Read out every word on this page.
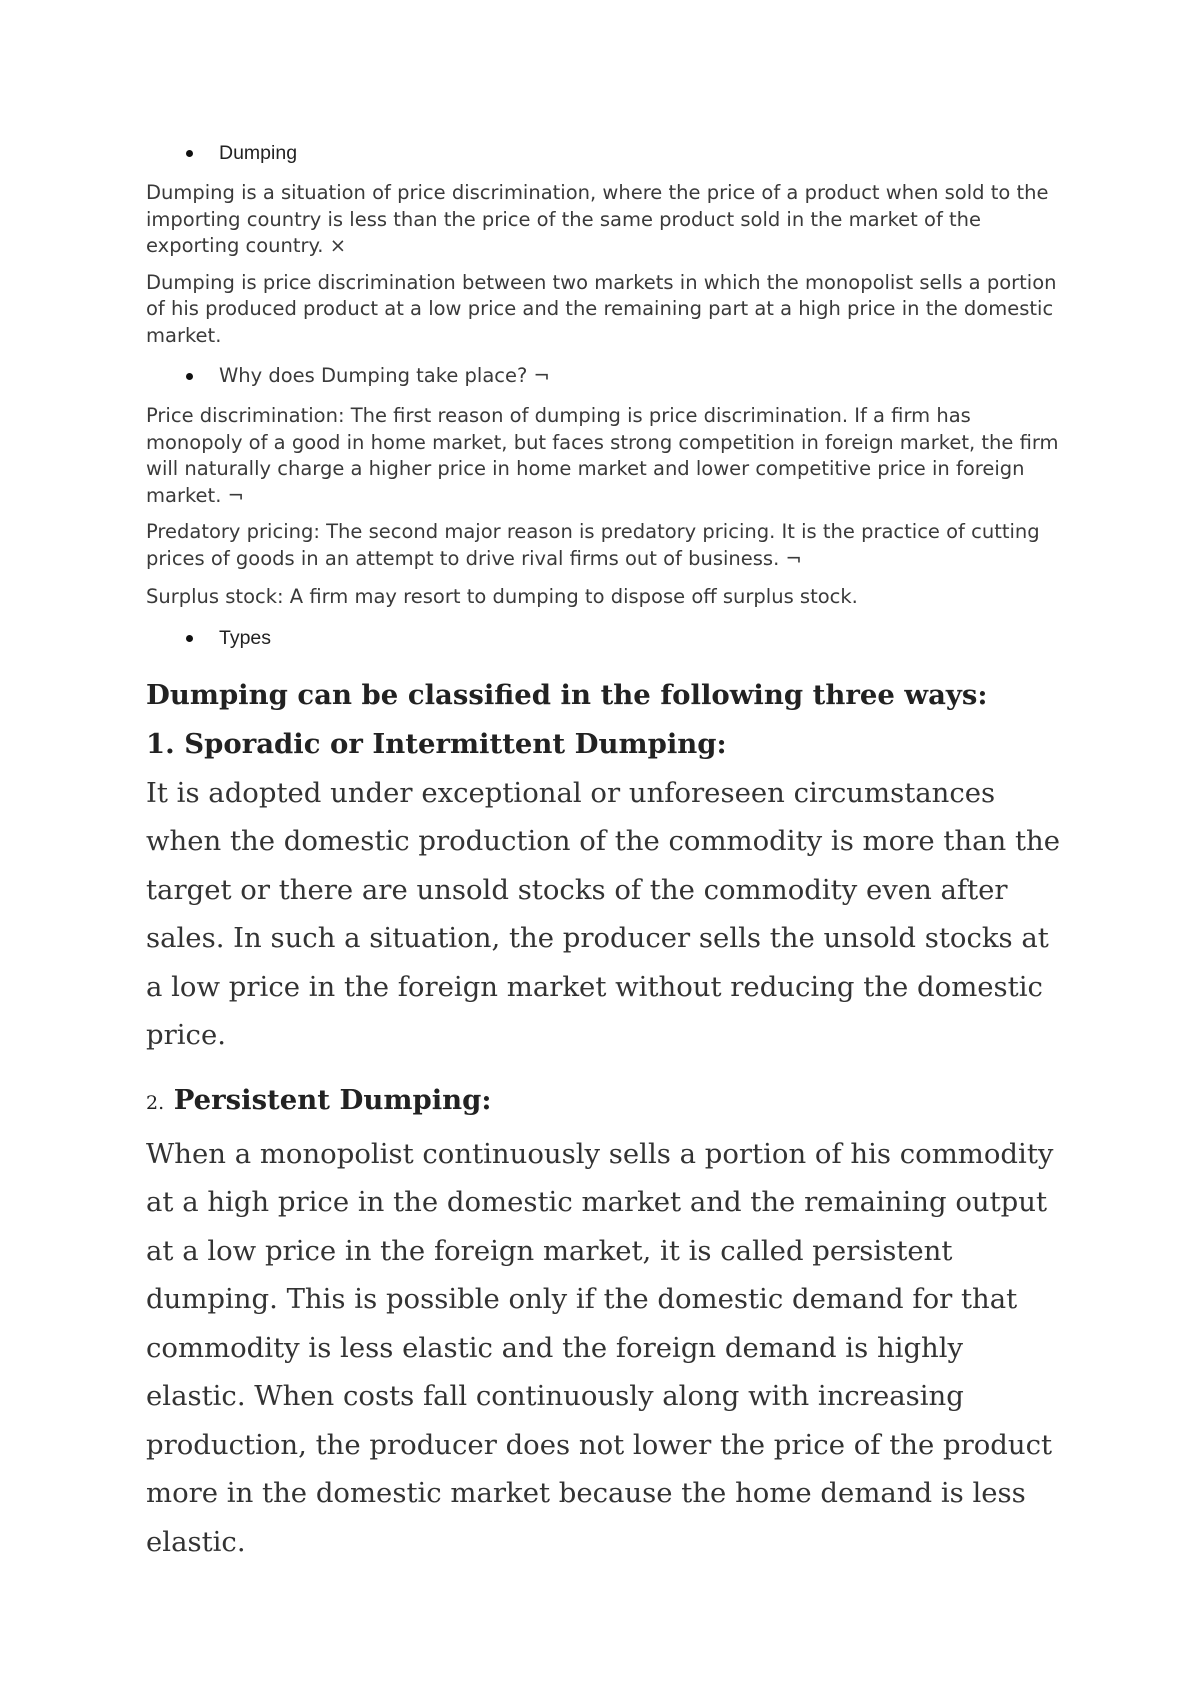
Dumping

Dumping is a situation of price discrimination, where the price of a product when sold to the importing country is less than the price of the same product sold in the market of the exporting country. ×

Dumping is price discrimination between two markets in which the monopolist sells a portion of his produced product at a low price and the remaining part at a high price in the domestic market.

Why does Dumping take place? ¬

Price discrimination: The first reason of dumping is price discrimination. If a firm has monopoly of a good in home market, but faces strong competition in foreign market, the firm will naturally charge a higher price in home market and lower competitive price in foreign market. ¬

Predatory pricing: The second major reason is predatory pricing. It is the practice of cutting prices of goods in an attempt to drive rival firms out of business. ¬

Surplus stock: A firm may resort to dumping to dispose off surplus stock.

Types
Dumping can be classified in the following three ways:
1. Sporadic or Intermittent Dumping:

It is adopted under exceptional or unforeseen circumstances when the domestic production of the commodity is more than the target or there are unsold stocks of the commodity even after sales. In such a situation, the producer sells the unsold stocks at a low price in the foreign market without reducing the domestic price.

2. Persistent Dumping:

When a monopolist continuously sells a portion of his commodity at a high price in the domestic market and the remaining output at a low price in the foreign market, it is called persistent dumping. This is possible only if the domestic demand for that commodity is less elastic and the foreign demand is highly elastic. When costs fall continuously along with increasing production, the producer does not lower the price of the product more in the domestic market because the home demand is less elastic.
